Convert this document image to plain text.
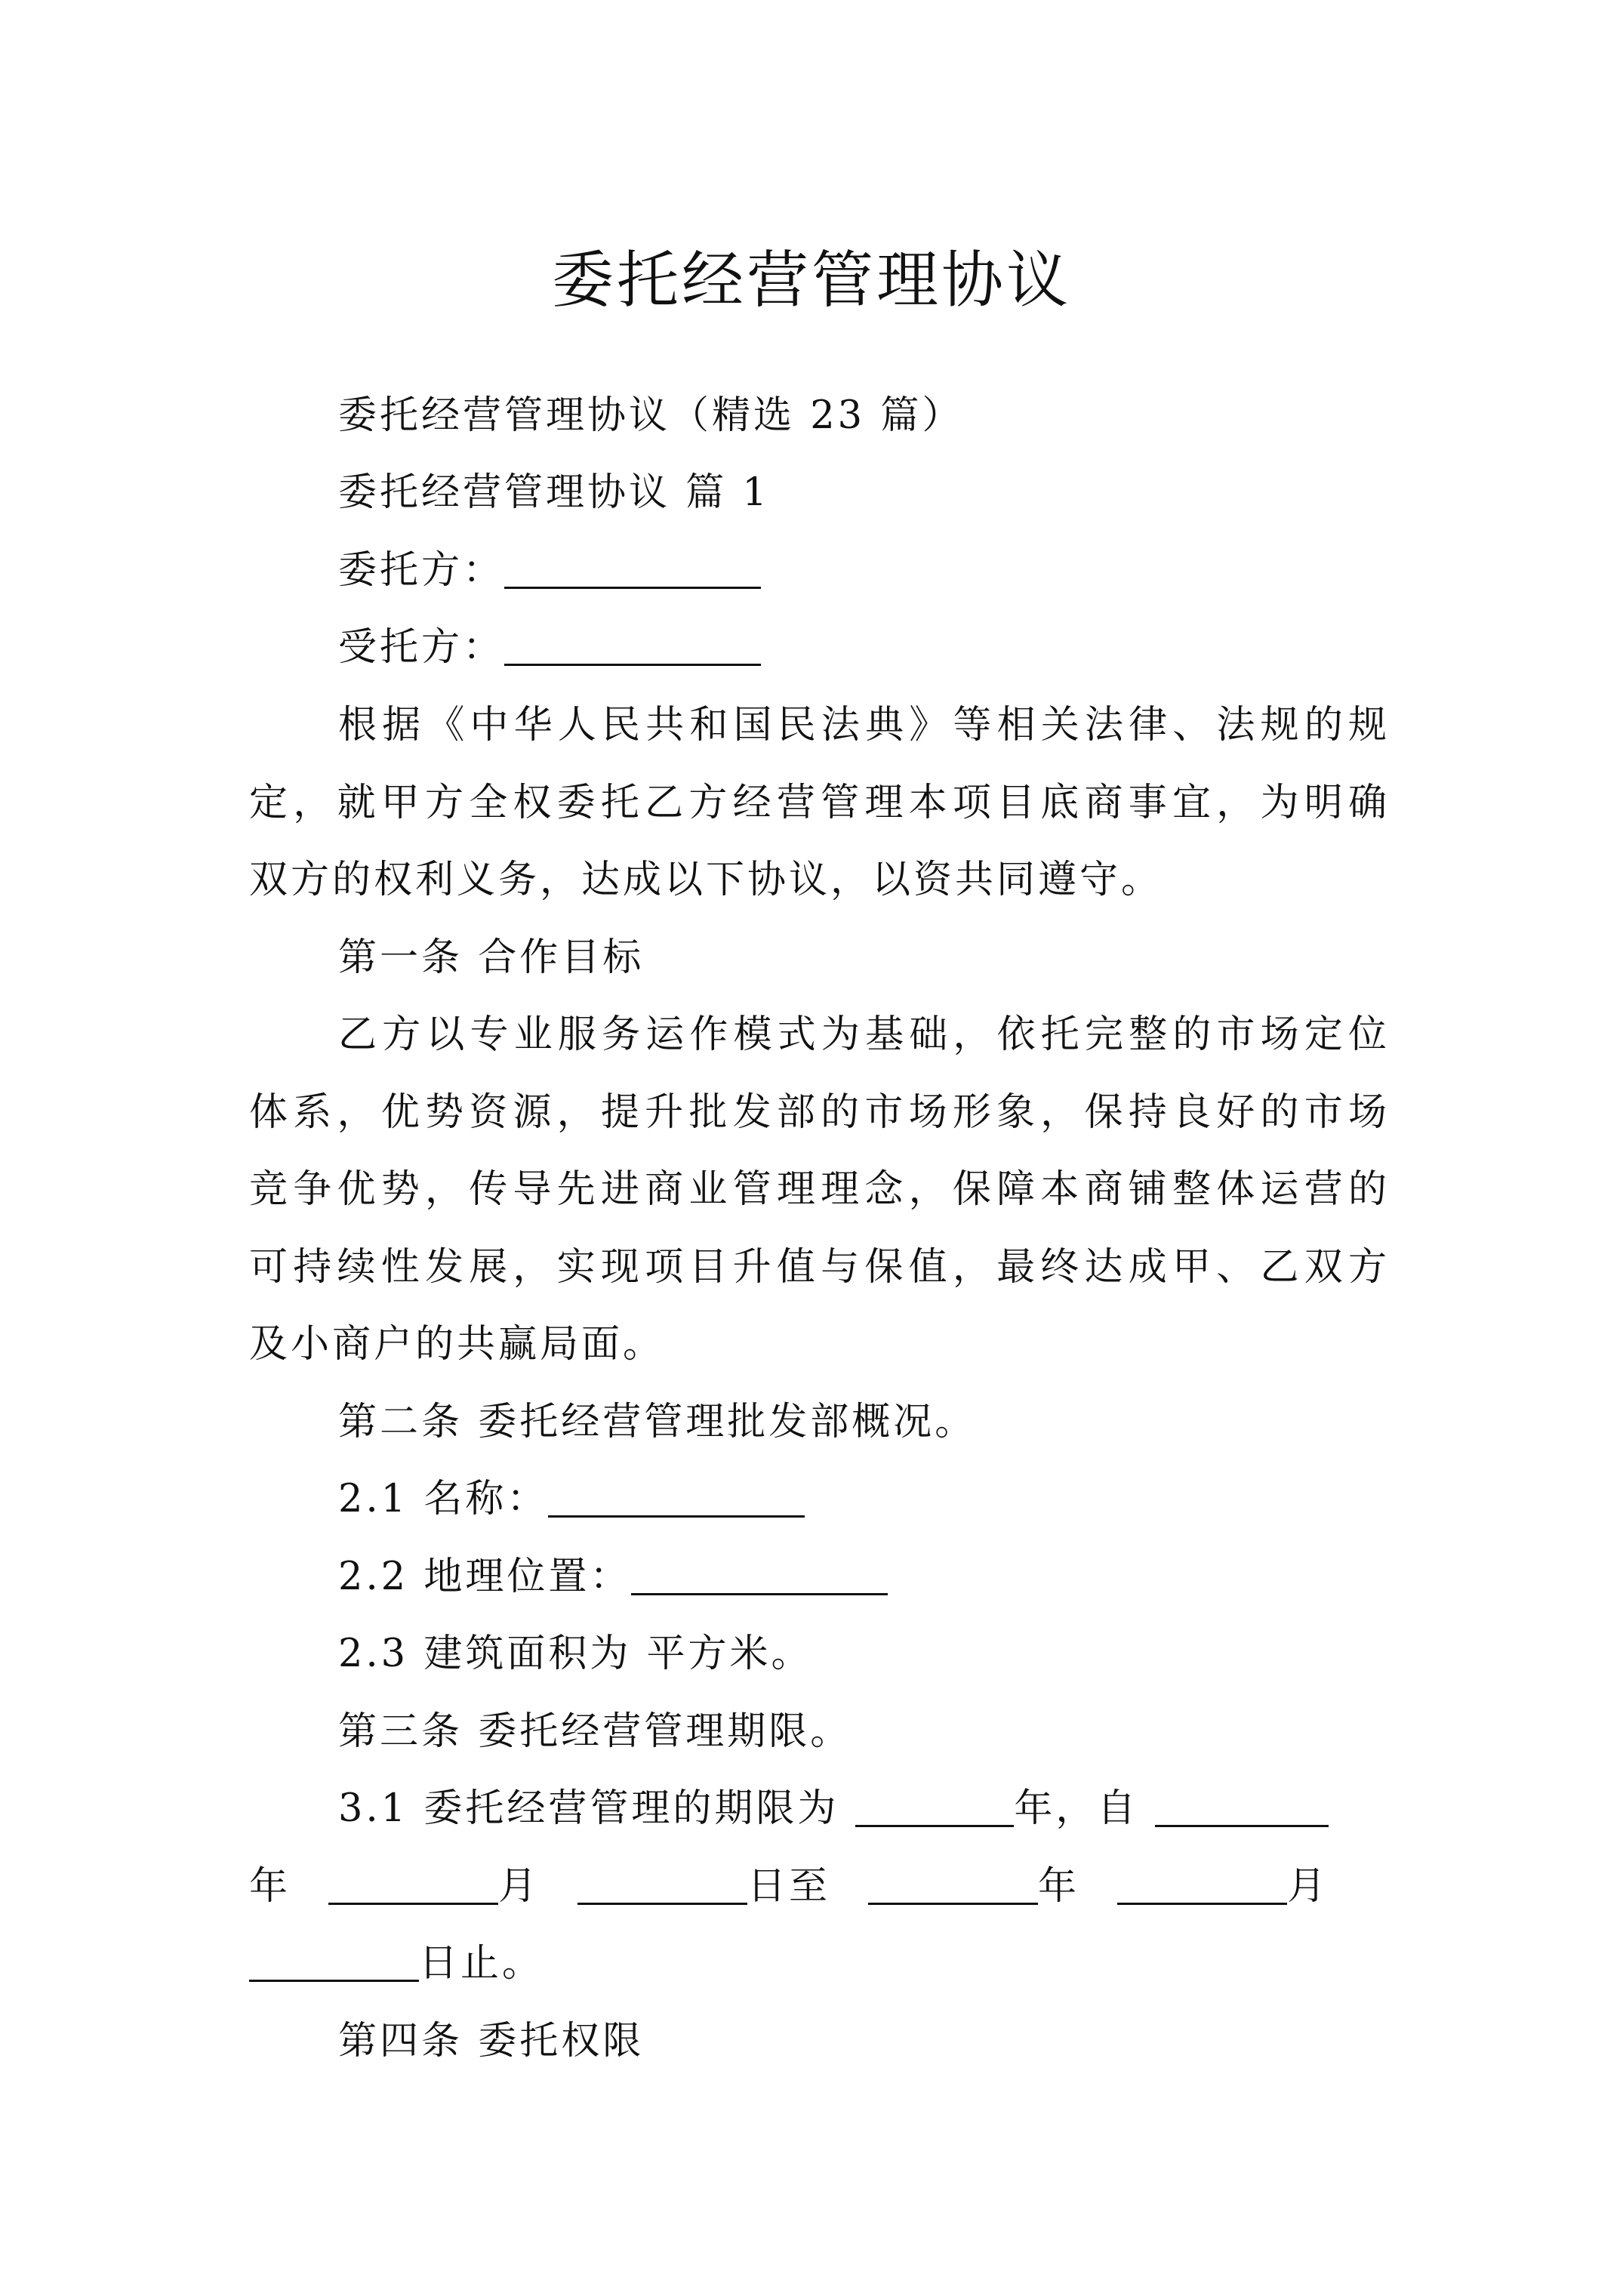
委托经营管理协议
委托经营管理协议（精选 23 篇）
委托经营管理协议 篇 1
委托方：
受托方：
根据《中华人民共和国民法典》等相关法律、法规的规
定，就甲方全权委托乙方经营管理本项目底商事宜，为明确
双方的权利义务，达成以下协议，以资共同遵守。
第一条 合作目标
乙方以专业服务运作模式为基础，依托完整的市场定位
体系，优势资源，提升批发部的市场形象，保持良好的市场
竞争优势，传导先进商业管理理念，保障本商铺整体运营的
可持续性发展，实现项目升值与保值，最终达成甲、乙双方
及小商户的共赢局面。
第二条 委托经营管理批发部概况。
2.1 名称：
2.2 地理位置：
2.3 建筑面积为 平方米。
第三条 委托经营管理期限。
3.1 委托经营管理的期限为	年，自
年	月	日至	年	月
日止。
第四条 委托权限
